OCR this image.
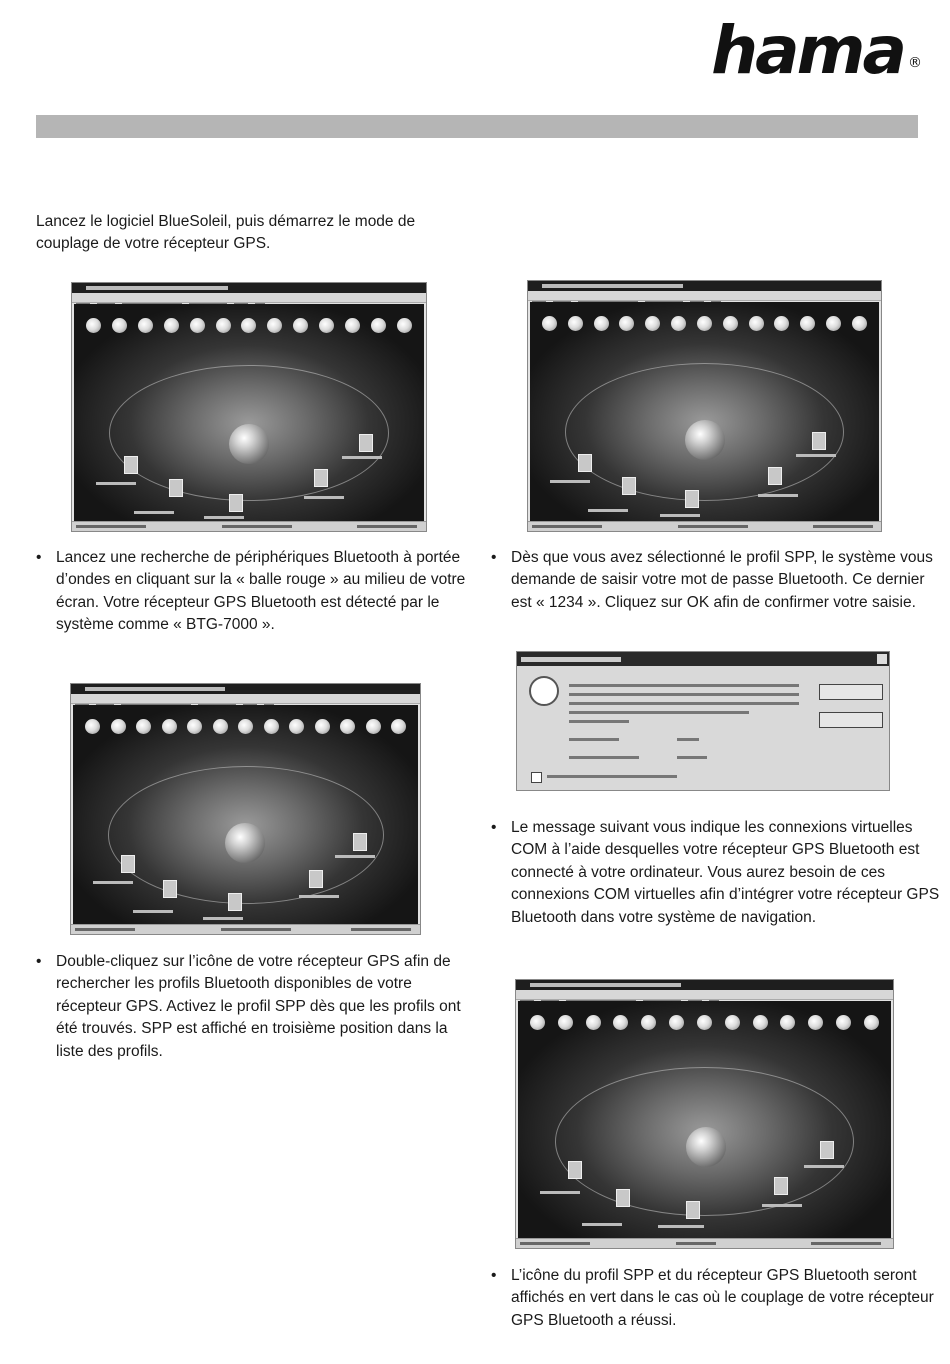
hama ®
Lancez le logiciel BlueSoleil, puis démarrez le mode de couplage de votre récepteur GPS.
• Lancez une recherche de périphériques Bluetooth à portée d’ondes en cliquant sur la « balle rouge » au milieu de votre écran. Votre récepteur GPS Bluetooth est détecté par le système comme « BTG-7000 ».
• Dès que vous avez sélectionné le profil SPP, le système vous demande de saisir votre mot de passe Bluetooth. Ce dernier est « 1234 ». Cliquez sur OK afin de confirmer votre saisie.
• Le message suivant vous indique les connexions virtuelles COM à l’aide desquelles votre récepteur GPS Bluetooth est connecté à votre ordinateur. Vous aurez besoin de ces connexions COM virtuelles afin d’intégrer votre récepteur GPS Bluetooth dans votre système de navigation.
• Double-cliquez sur l’icône de votre récepteur GPS afin de rechercher les profils Bluetooth disponibles de votre récepteur GPS. Activez le profil SPP dès que les profils ont été trouvés. SPP est affiché en troisième position dans la liste des profils.
• L’icône du profil SPP et du récepteur GPS Bluetooth seront affichés en vert dans le cas où le couplage de votre récepteur GPS Bluetooth a réussi.
